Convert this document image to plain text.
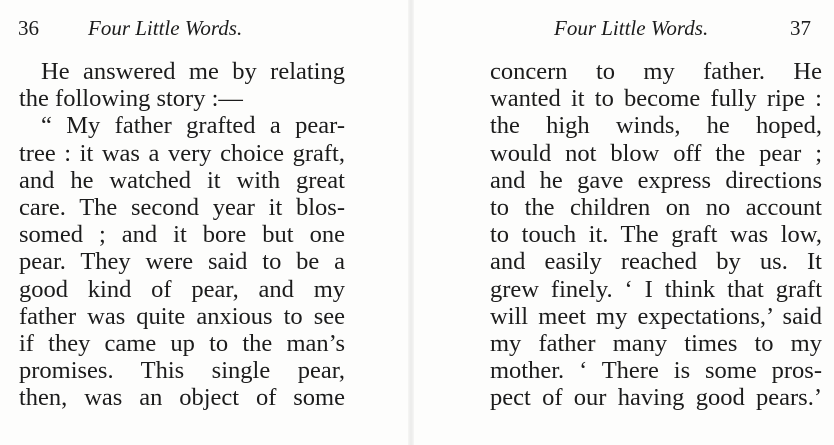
36 Four Little Words.
He answered me by relating
the following story :—
“ My father grafted a pear-
tree : it was a very choice graft,
and he watched it with great
care. The second year it blos-
somed ; and it bore but one
pear. They were said to be a
good kind of pear, and my
father was quite anxious to see
if they came up to the man’s
promises. This single pear,
then, was an object of some
Four Little Words.	37
concern to my father. He
wanted it to become fully ripe :
the high winds, he hoped,
would not blow off the pear ;
and he gave express directions
to the children on no account
to touch it. The graft was low,
and easily reached by us. It
grew finely. ‘ I think that graft
will meet my expectations,’ said
my father many times to my
mother. ‘ There is some pros-
pect of our having good pears.’
